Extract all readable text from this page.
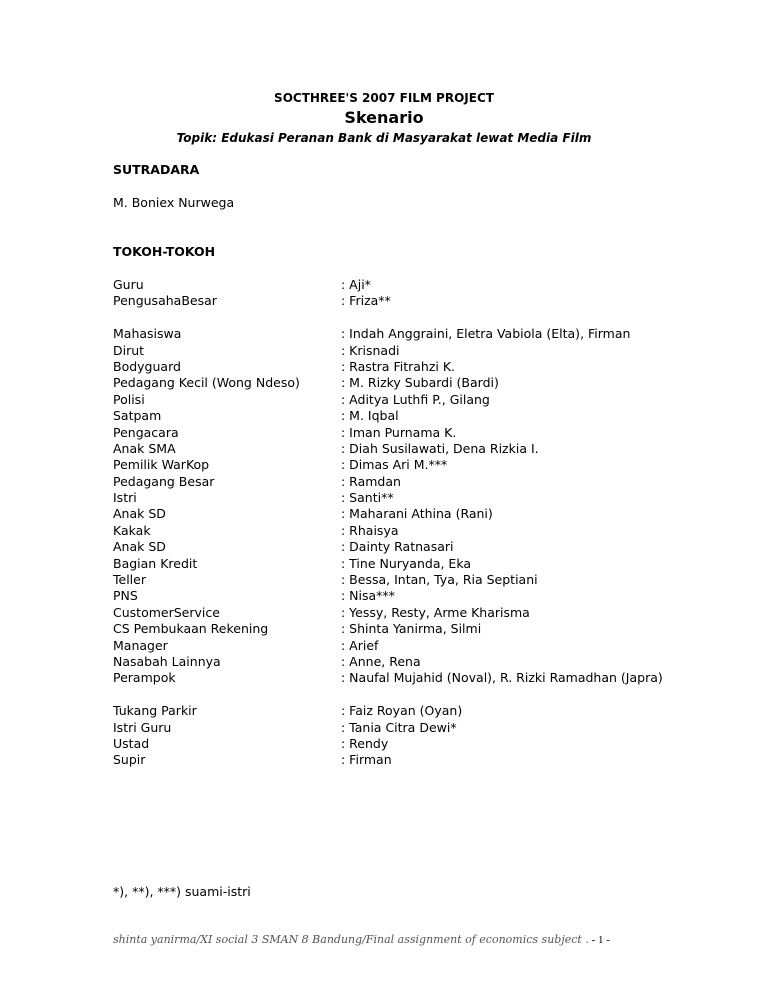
SOCTHREE'S 2007 FILM PROJECT
Skenario
Topik: Edukasi Peranan Bank di Masyarakat lewat Media Film
SUTRADARA
M. Boniex Nurwega
TOKOH-TOKOH
Guru	: Aji*
PengusahaBesar	: Friza**
Mahasiswa	: Indah Anggraini, Eletra Vabiola (Elta), Firman
Dirut	: Krisnadi
Bodyguard	: Rastra Fitrahzi K.
Pedagang Kecil (Wong Ndeso)	: M. Rizky Subardi (Bardi)
Polisi	: Aditya Luthfi P., Gilang
Satpam	: M. Iqbal
Pengacara	: Iman Purnama K.
Anak SMA	: Diah Susilawati, Dena Rizkia I.
Pemilik WarKop	: Dimas Ari M.***
Pedagang Besar	: Ramdan
Istri	: Santi**
Anak SD	: Maharani Athina (Rani)
Kakak	: Rhaisya
Anak SD	: Dainty Ratnasari
Bagian Kredit	: Tine Nuryanda, Eka
Teller	: Bessa, Intan, Tya, Ria Septiani
PNS	: Nisa***
CustomerService	: Yessy, Resty, Arme Kharisma
CS Pembukaan Rekening	: Shinta Yanirma, Silmi
Manager	: Arief
Nasabah Lainnya	: Anne, Rena
Perampok	: Naufal Mujahid (Noval), R. Rizki Ramadhan (Japra)
Tukang Parkir	: Faiz Royan (Oyan)
Istri Guru	: Tania Citra Dewi*
Ustad	: Rendy
Supir	: Firman
*), **), ***) suami-istri
shinta yanirma/XI social 3 SMAN 8 Bandung/Final assignment of economics subject . - 1 -
